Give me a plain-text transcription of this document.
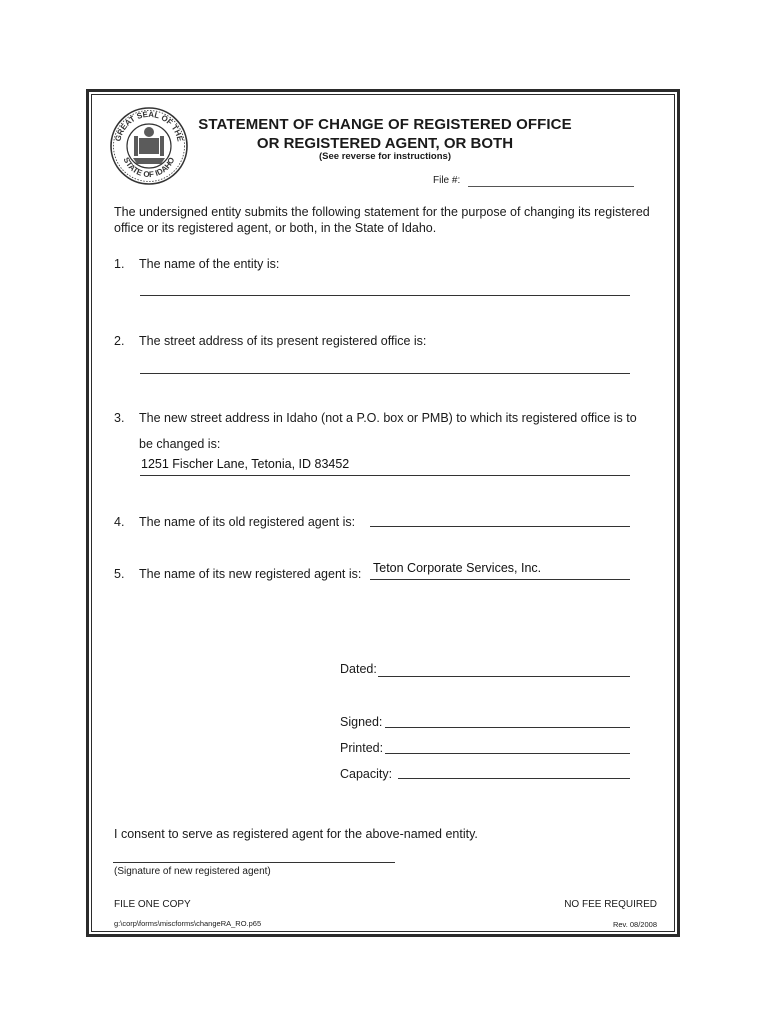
GREAT SEAL OF THE
STATE OF IDAHO
STATEMENT OF CHANGE OF REGISTERED OFFICE
OR REGISTERED AGENT, OR BOTH
(See reverse for instructions)
File #:
The undersigned entity submits the following statement for the purpose of changing its registered office or its registered agent, or both, in the State of Idaho.
1. The name of the entity is:
2. The street address of its present registered office is:
3. The new street address in Idaho (not a P.O. box or PMB) to which its registered office is to
be changed is:
1251 Fischer Lane, Tetonia, ID 83452
4. The name of its old registered agent is:
5. The name of its new registered agent is: Teton Corporate Services, Inc.
Dated:
Signed:
Printed:
Capacity:
I consent to serve as registered agent for the above-named entity.
(Signature of new registered agent)
FILE ONE COPY	NO FEE REQUIRED
g:\corp\forms\miscforms\changeRA_RO.p65	Rev. 08/2008
